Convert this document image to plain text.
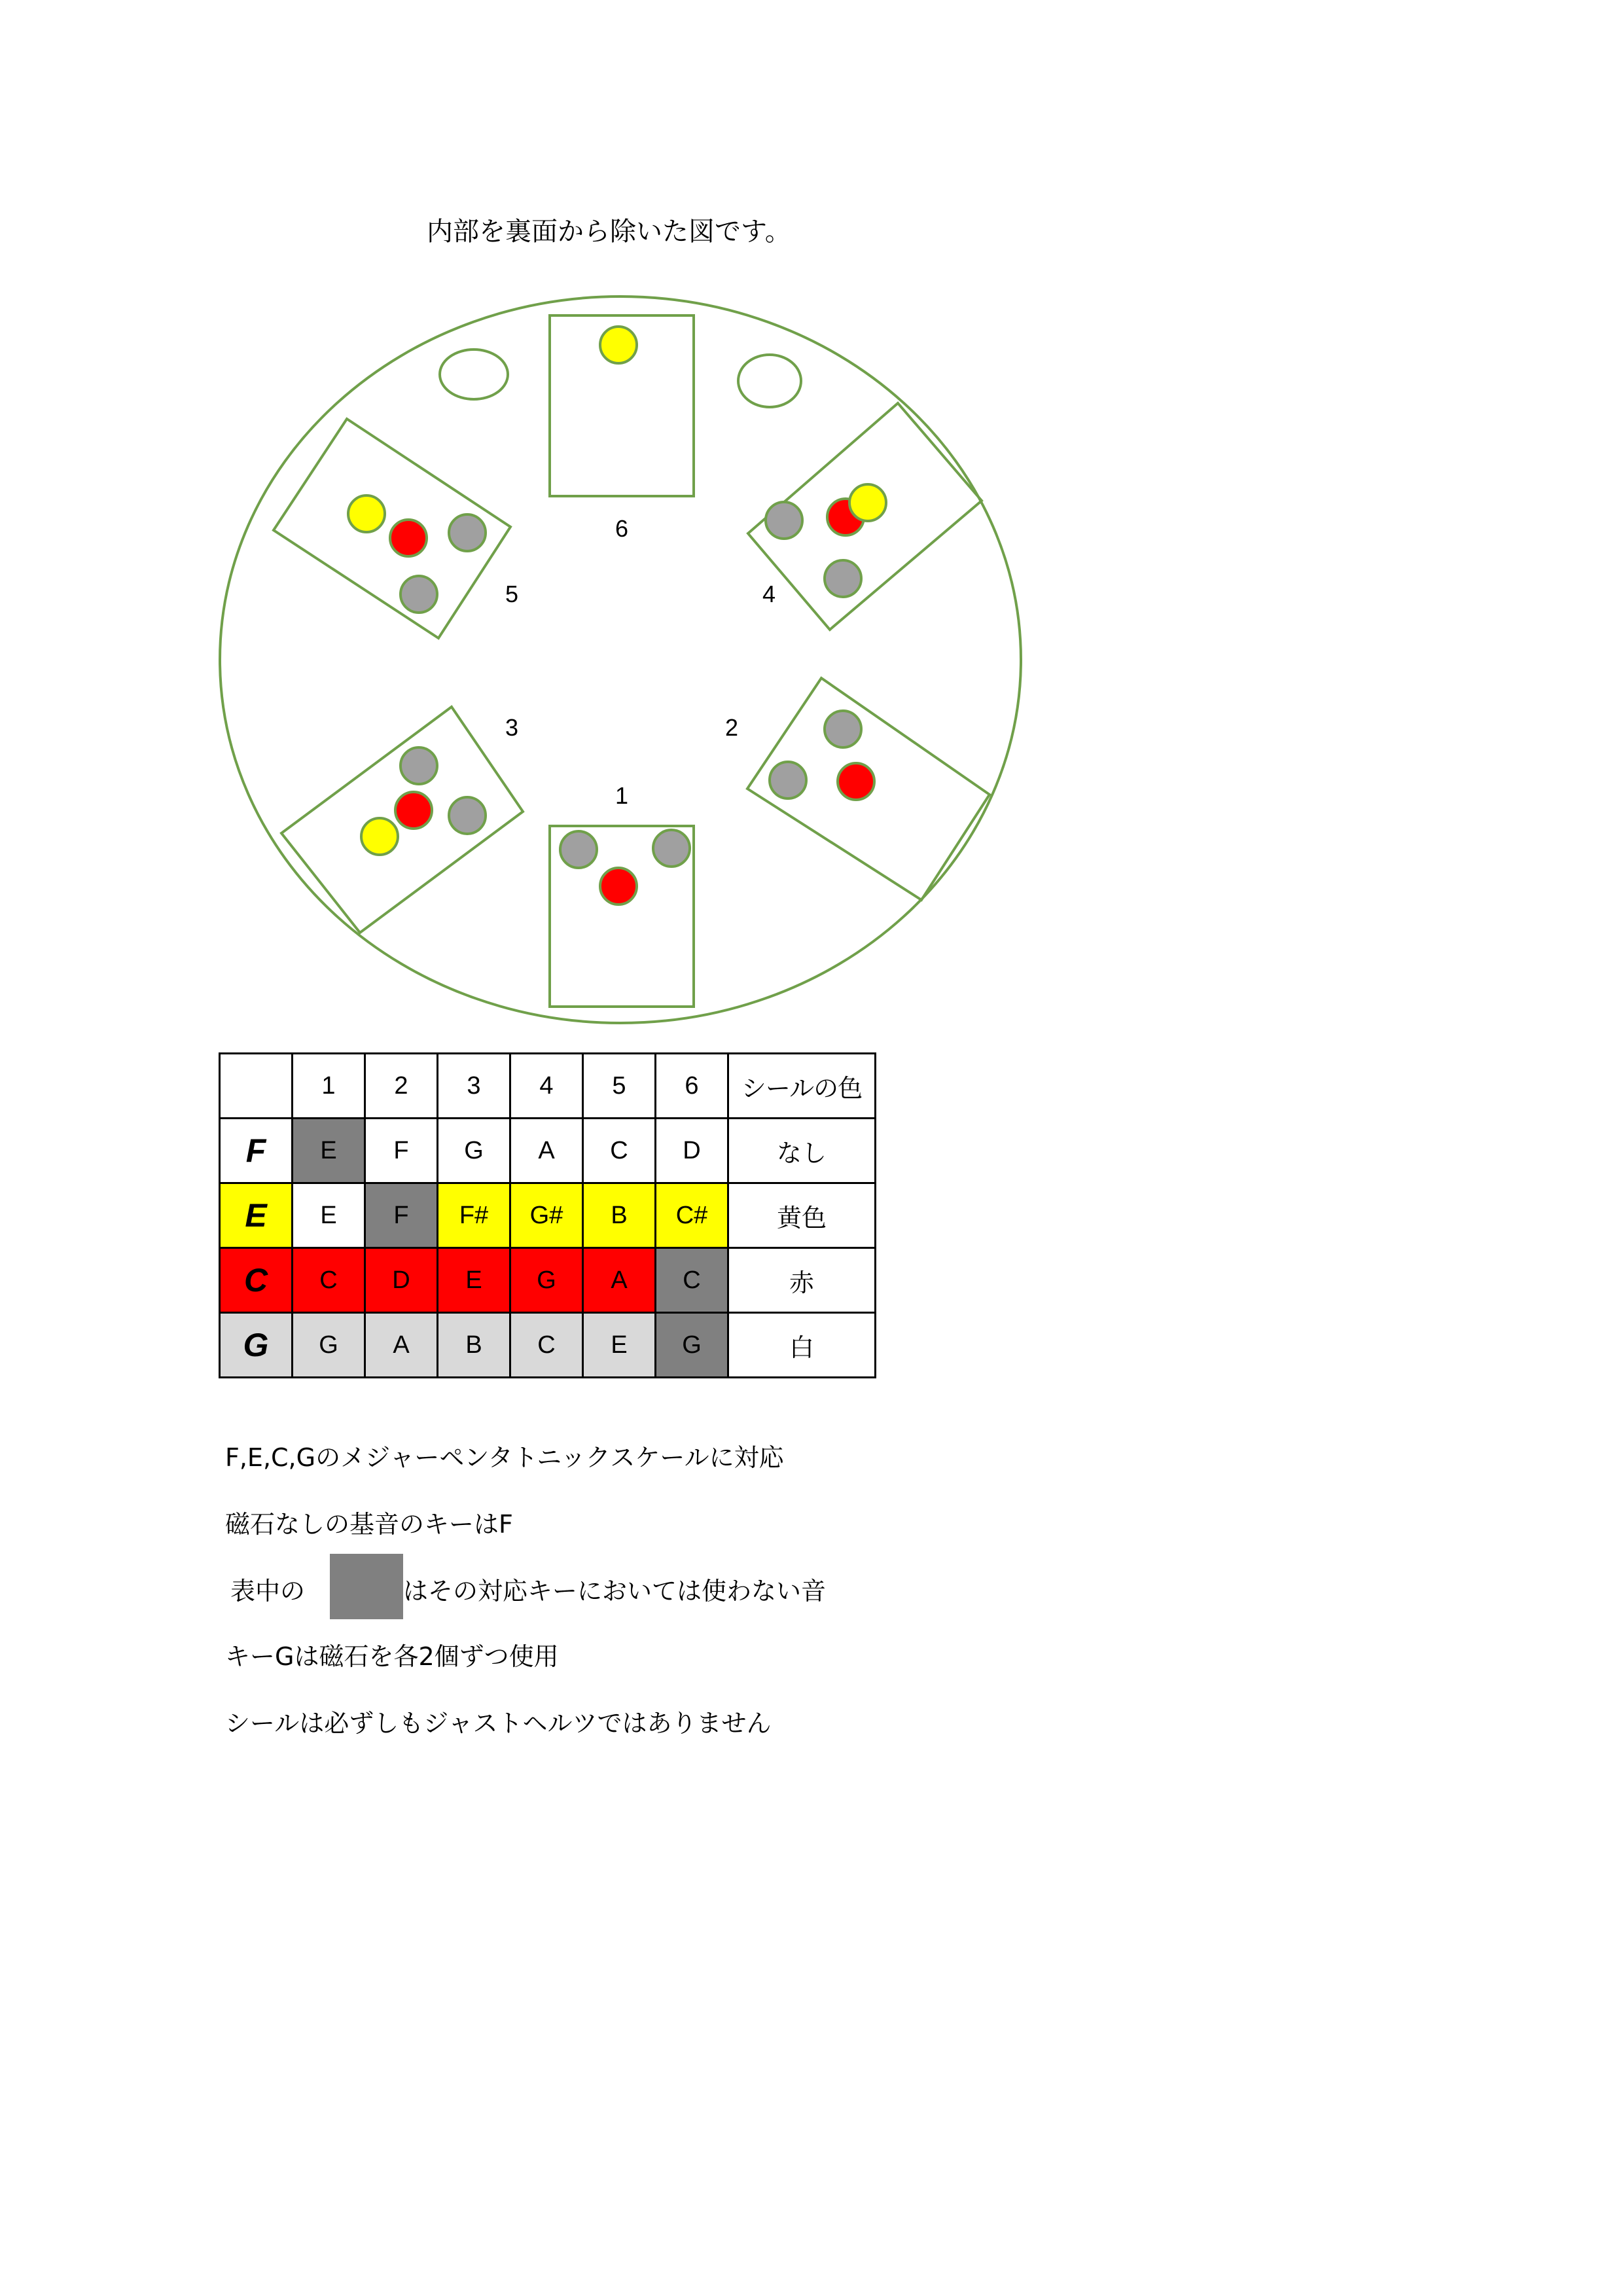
内部を裏面から除いた図です。
6
5	4
3	2
1
	1	2	3	4	5	6	シールの色
F	E	F	G	A	C	D	なし
E	E	F	F#	G#	B	C#	黄色
C	C	D	E	G	A	C	赤
G	G	A	B	C	E	G	白
F,E,C,Gのメジャーペンタトニックスケールに対応
磁石なしの基音のキーはF
表中の	はその対応キーにおいては使わない音
キーGは磁石を各2個ずつ使用
シールは必ずしもジャストヘルツではありません
